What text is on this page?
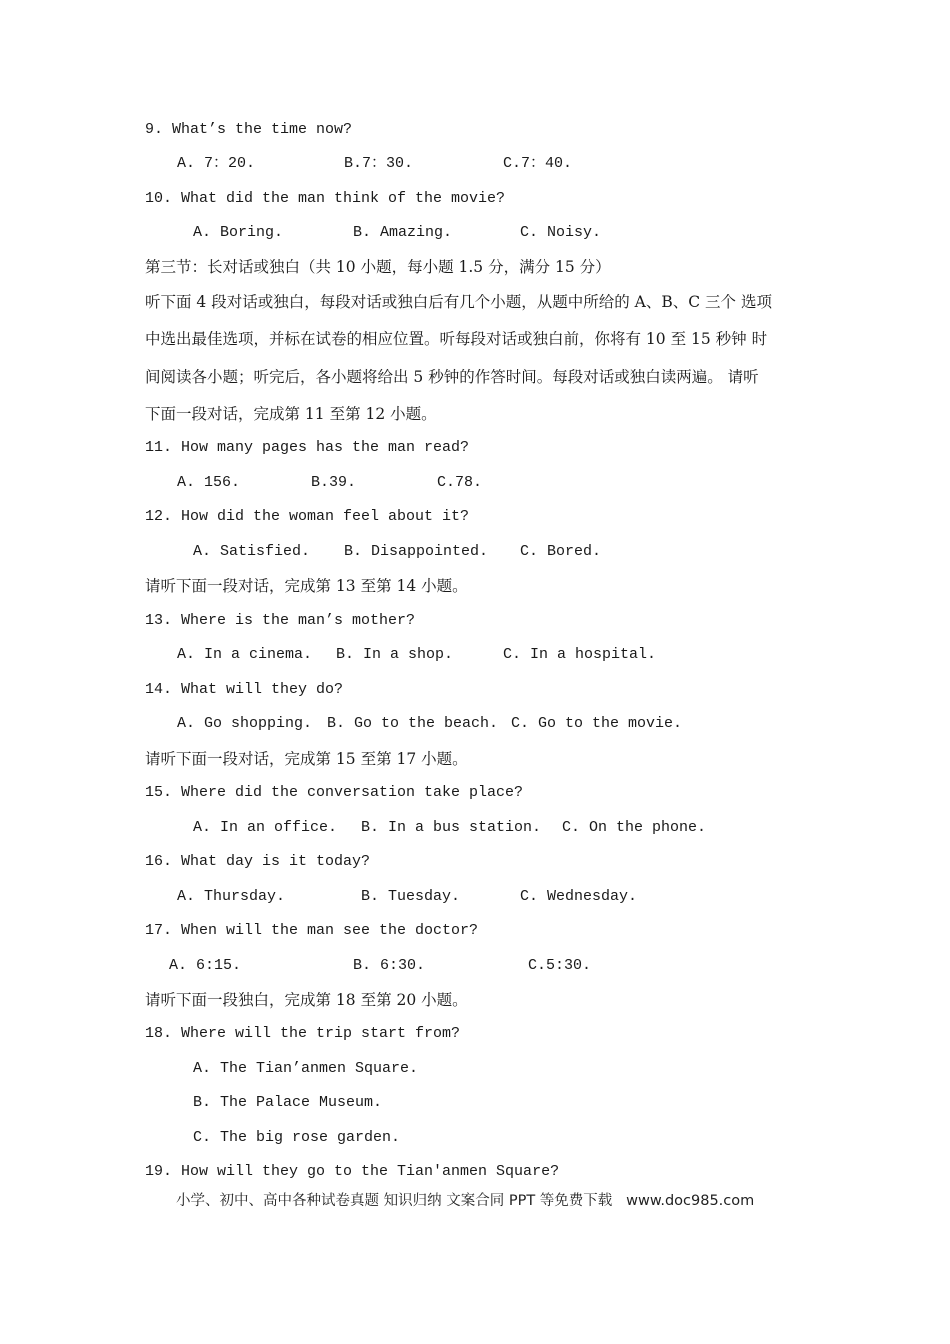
9. What’s the time now?
A. 7：20.	B.7：30.	C.7：40.
10. What did the man think of the movie?
A. Boring.	B. Amazing.	C. Noisy.
第三节：长对话或独白（共 10 小题，每小题 1.5 分，满分 15 分）
听下面 4 段对话或独白，每段对话或独白后有几个小题，从题中所给的 A、B、C 三个 选项
中选出最佳选项，并标在试卷的相应位置。听每段对话或独白前，你将有 10 至 15 秒钟 时
间阅读各小题；听完后，各小题将给出 5 秒钟的作答时间。每段对话或独白读两遍。 请听
下面一段对话，完成第 11 至第 12 小题。
11. How many pages has the man read?
A. 156.	B.39.	C.78.
12. How did the woman feel about it?
A. Satisfied. B. Disappointed. C. Bored.
请听下面一段对话，完成第 13 至第 14 小题。
13. Where is the man’s mother?
A. In a cinema. B. In a shop.	C. In a hospital.
14. What will they do?
A. Go shopping. B. Go to the beach. C. Go to the movie.
请听下面一段对话，完成第 15 至第 17 小题。
15. Where did the conversation take place?
A. In an office. B. In a bus station. C. On the phone.
16. What day is it today?
A. Thursday.	B. Tuesday.	C. Wednesday.
17. When will the man see the doctor?
A. 6:15.	B. 6:30.	C.5:30.
请听下面一段独白，完成第 18 至第 20 小题。
18. Where will the trip start from?
A. The Tian’anmen Square.
B. The Palace Museum.
C. The big rose garden.
19. How will they go to the Tian'anmen Square?
小学、初中、高中各种试卷真题 知识归纳 文案合同 PPT 等免费下载   www.doc985.com
